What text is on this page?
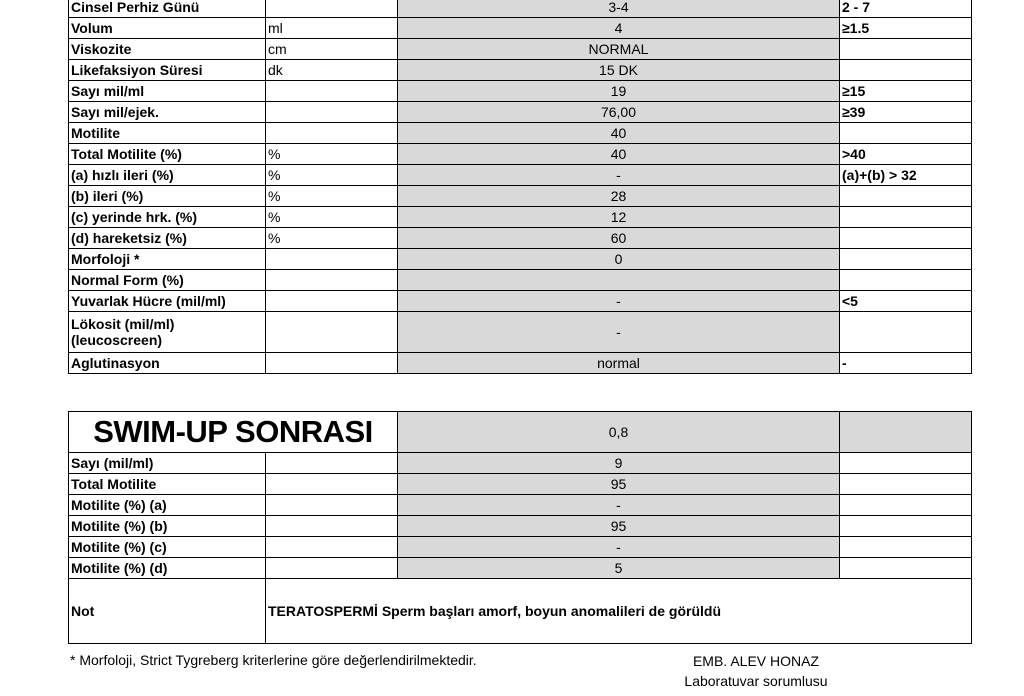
Cinsel Perhiz Günü		3-4	2 - 7
Volum	ml	4	≥1.5
Viskozite	cm	NORMAL	
Likefaksiyon Süresi	dk	15 DK	
Sayı mil/ml		19	≥15
Sayı mil/ejek.		76,00	≥39
Motilite		40	
Total Motilite (%)	%	40	>40
(a) hızlı ileri (%)	%	-	(a)+(b) > 32
(b) ileri (%)	%	28	
(c) yerinde hrk. (%)	%	12	
(d) hareketsiz (%)	%	60	
Morfoloji *		0	
Normal Form (%)			
Yuvarlak Hücre (mil/ml)		-	<5
Lökosit (mil/ml) (leucoscreen)		-	
Aglutinasyon		normal	-
SWIM-UP SONRASI		0,8	
Sayı (mil/ml)		9	
Total Motilite		95	
Motilite (%) (a)		-	
Motilite (%) (b)		95	
Motilite (%) (c)		-	
Motilite (%) (d)		5	
Not	TERATOSPERMİ Sperm başları amorf, boyun anomalileri de görüldü		
* Morfoloji, Strict Tygreberg kriterlerine göre değerlendirilmektedir.	EMB. ALEV HONAZ
Laboratuvar sorumlusu
